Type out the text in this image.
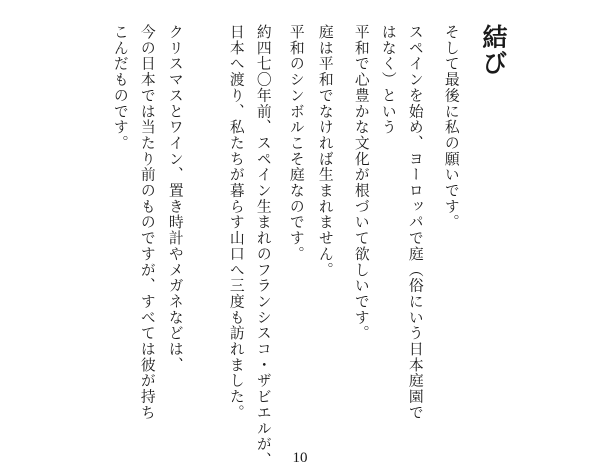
結び
そして最後に私の願いです。
スペインを始め、ヨーロッパで庭（俗にいう日本庭園で
はなく）という
平和で心豊かな文化が根づいて欲しいです。
庭は平和でなければ生まれません。
平和のシンボルこそ庭なのです。
約四七〇年前、スペイン生まれのフランシスコ・ザビエルが、
日本へ渡り、私たちが暮らす山口へ三度も訪れました。
クリスマスとワイン、置き時計やメガネなどは、
今の日本では当たり前のものですが、すべては彼が持ち
こんだものです。
10
